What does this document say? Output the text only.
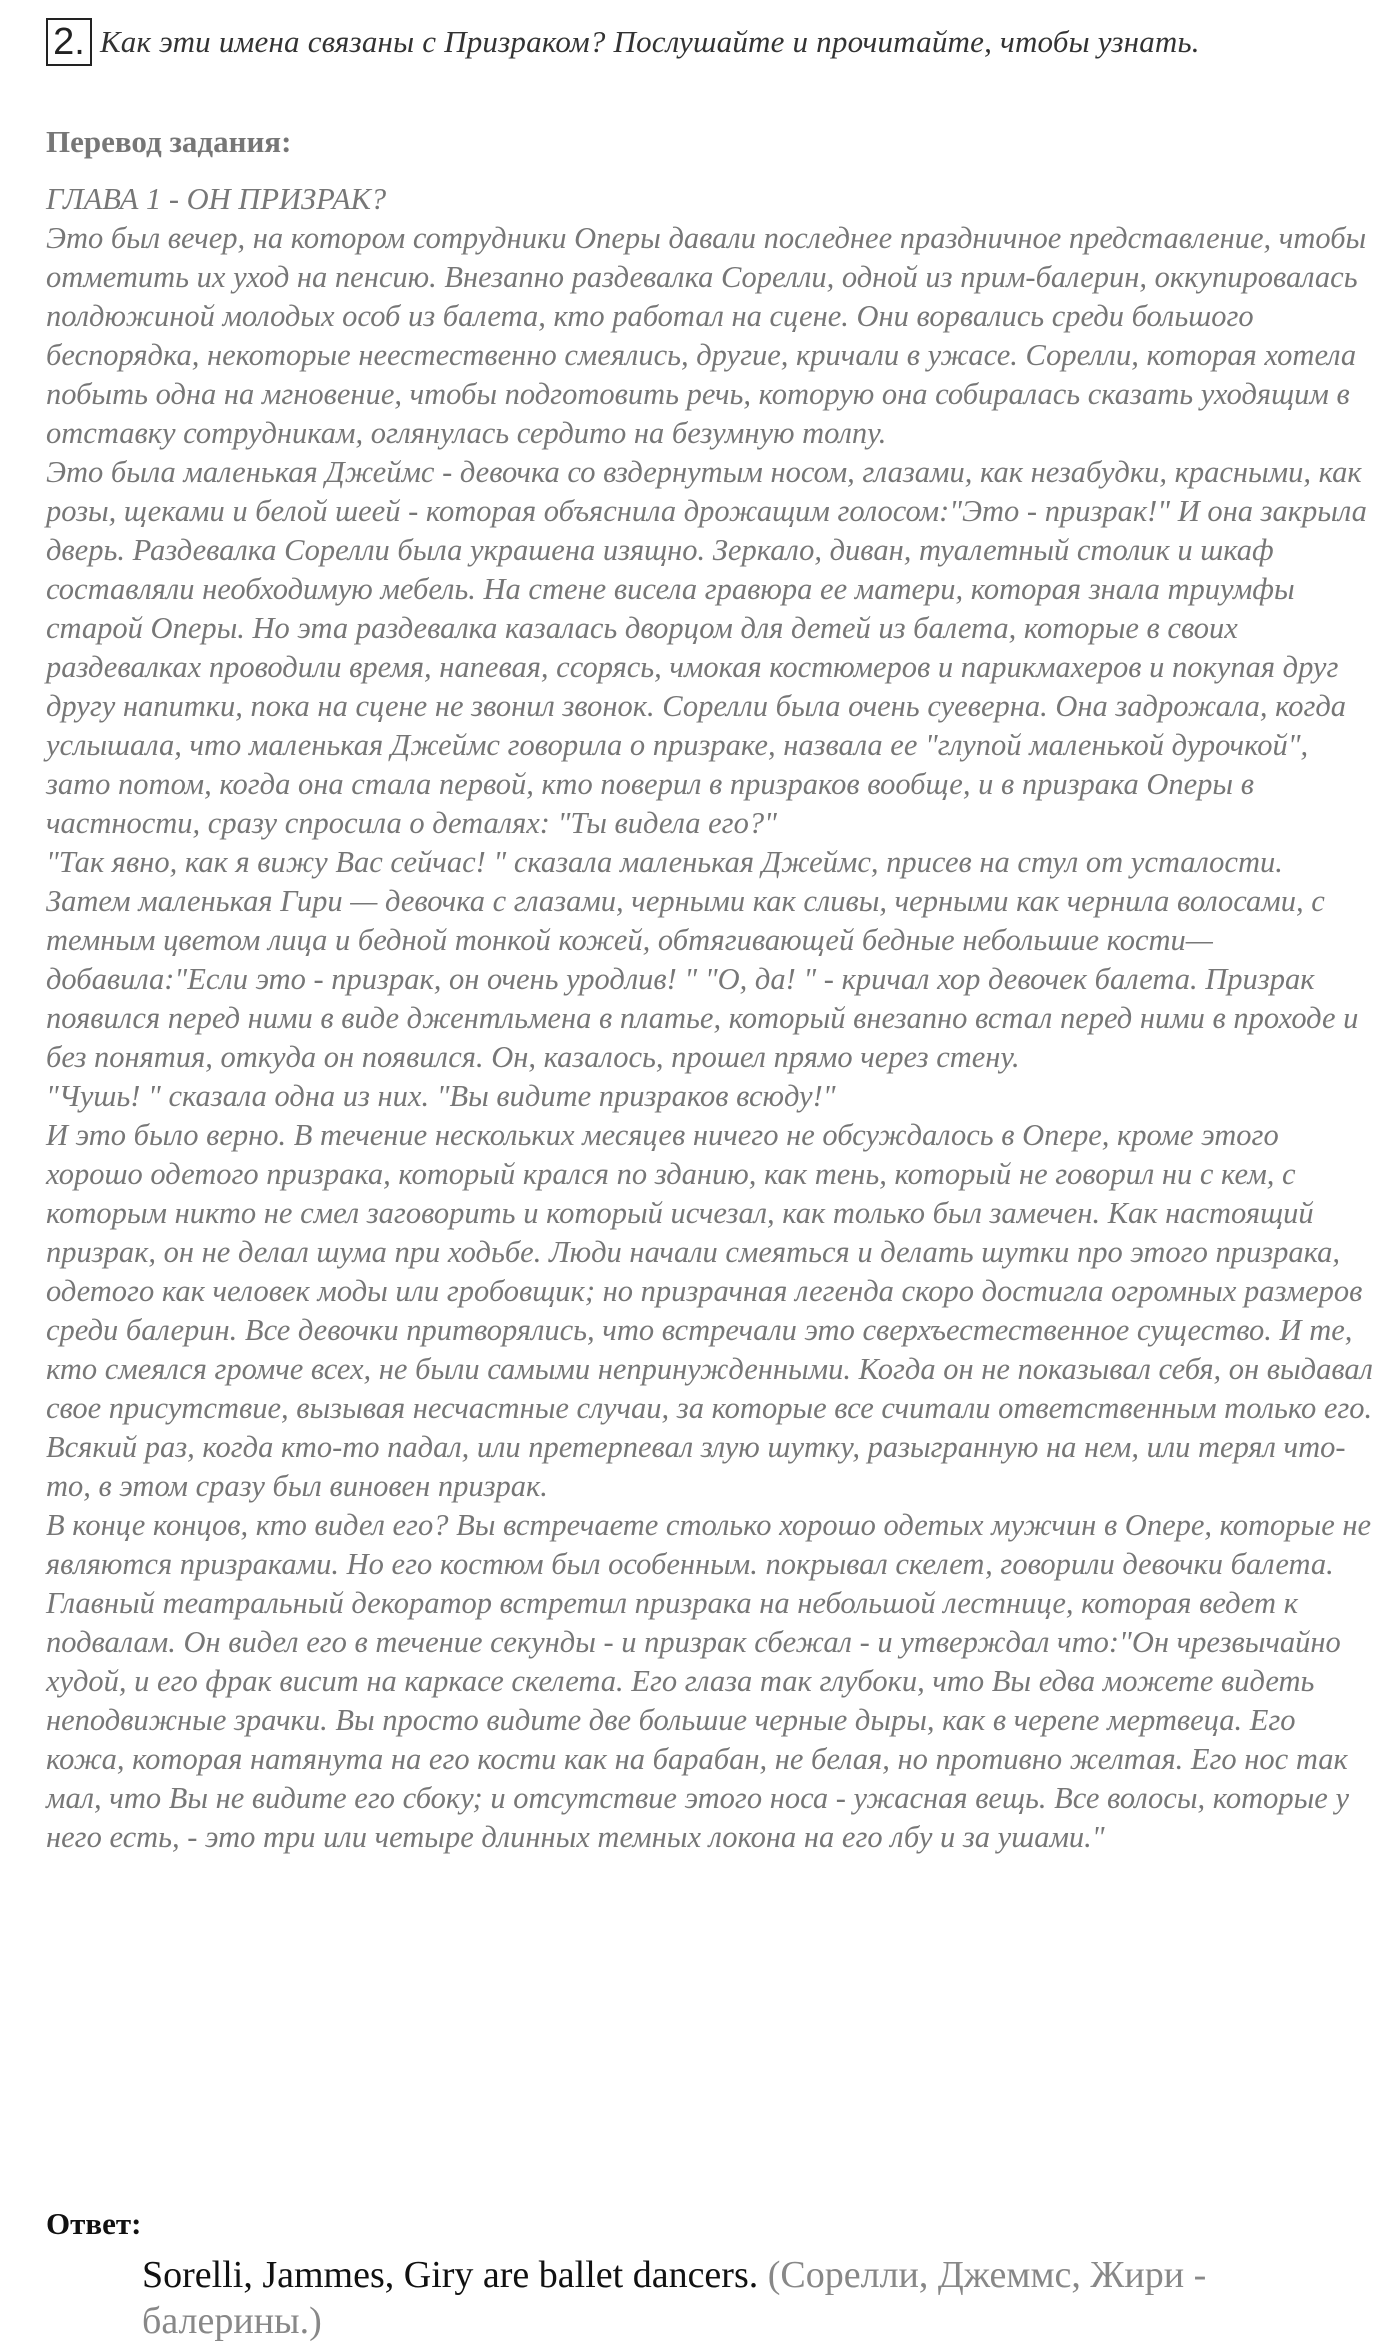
2. Как эти имена связаны с Призраком? Послушайте и прочитайте, чтобы узнать.
Перевод задания:

ГЛАВА 1 - ОН ПРИЗРАК?

Это был вечер, на котором сотрудники Оперы давали последнее праздничное представление, чтобы отметить их уход на пенсию. Внезапно раздевалка Сорелли, одной из прим-балерин, оккупировалась полдюжиной молодых особ из балета, кто работал на сцене. Они ворвались среди большого беспорядка, некоторые неестественно смеялись, другие, кричали в ужасе. Сорелли, которая хотела побыть одна на мгновение, чтобы подготовить речь, которую она собиралась сказать уходящим в отставку сотрудникам, оглянулась сердито на безумную толпу.

Это была маленькая Джеймс - девочка со вздернутым носом, глазами, как незабудки, красными, как розы, щеками и белой шеей - которая объяснила дрожащим голосом:"Это - призрак!" И она закрыла дверь. Раздевалка Сорелли была украшена изящно. Зеркало, диван, туалетный столик и шкаф составляли необходимую мебель. На стене висела гравюра ее матери, которая знала триумфы старой Оперы. Но эта раздевалка казалась дворцом для детей из балета, которые в своих раздевалках проводили время, напевая, ссорясь, чмокая костюмеров и парикмахеров и покупая друг другу напитки, пока на сцене не звонил звонок. Сорелли была очень суеверна. Она задрожала, когда услышала, что маленькая Джеймс говорила о призраке, назвала ее "глупой маленькой дурочкой", зато потом, когда она стала первой, кто поверил в призраков вообще, и в призрака Оперы в частности, сразу спросила о деталях: "Ты видела его?"

"Так явно, как я вижу Вас сейчас! " сказала маленькая Джеймс, присев на стул от усталости.

Затем маленькая Гири — девочка с глазами, черными как сливы, черными как чернила волосами, с темным цветом лица и бедной тонкой кожей, обтягивающей бедные небольшие кости— добавила:"Если это - призрак, он очень уродлив! " "О, да! " - кричал хор девочек балета. Призрак появился перед ними в виде джентльмена в платье, который внезапно встал перед ними в проходе и без понятия, откуда он появился. Он, казалось, прошел прямо через стену.

"Чушь! " сказала одна из них. "Вы видите призраков всюду!"

И это было верно. В течение нескольких месяцев ничего не обсуждалось в Опере, кроме этого хорошо одетого призрака, который крался по зданию, как тень, который не говорил ни с кем, с которым никто не смел заговорить и который исчезал, как только был замечен. Как настоящий призрак, он не делал шума при ходьбе. Люди начали смеяться и делать шутки про этого призрака, одетого как человек моды или гробовщик; но призрачная легенда скоро достигла огромных размеров среди балерин. Все девочки притворялись, что встречали это сверхъестественное существо. И те, кто смеялся громче всех, не были самыми непринужденными. Когда он не показывал себя, он выдавал свое присутствие, вызывая несчастные случаи, за которые все считали ответственным только его. Всякий раз, когда кто-то падал, или претерпевал злую шутку, разыгранную на нем, или терял что-то, в этом сразу был виновен призрак.

В конце концов, кто видел его? Вы встречаете столько хорошо одетых мужчин в Опере, которые не являются призраками. Но его костюм был особенным. покрывал скелет, говорили девочки балета.

Главный театральный декоратор встретил призрака на небольшой лестнице, которая ведет к подвалам. Он видел его в течение секунды - и призрак сбежал - и утверждал что:"Он чрезвычайно худой, и его фрак висит на каркасе скелета. Его глаза так глубоки, что Вы едва можете видеть неподвижные зрачки. Вы просто видите две большие черные дыры, как в черепе мертвеца. Его кожа, которая натянута на его кости как на барабан, не белая, но противно желтая. Его нос так мал, что Вы не видите его сбоку; и отсутствие этого носа - ужасная вещь. Все волосы, которые у него есть, - это три или четыре длинных темных локона на его лбу и за ушами."

Ответ:
Sorelli, Jammes, Giry are ballet dancers. (Сорелли, Джеммс, Жири - балерины.)
